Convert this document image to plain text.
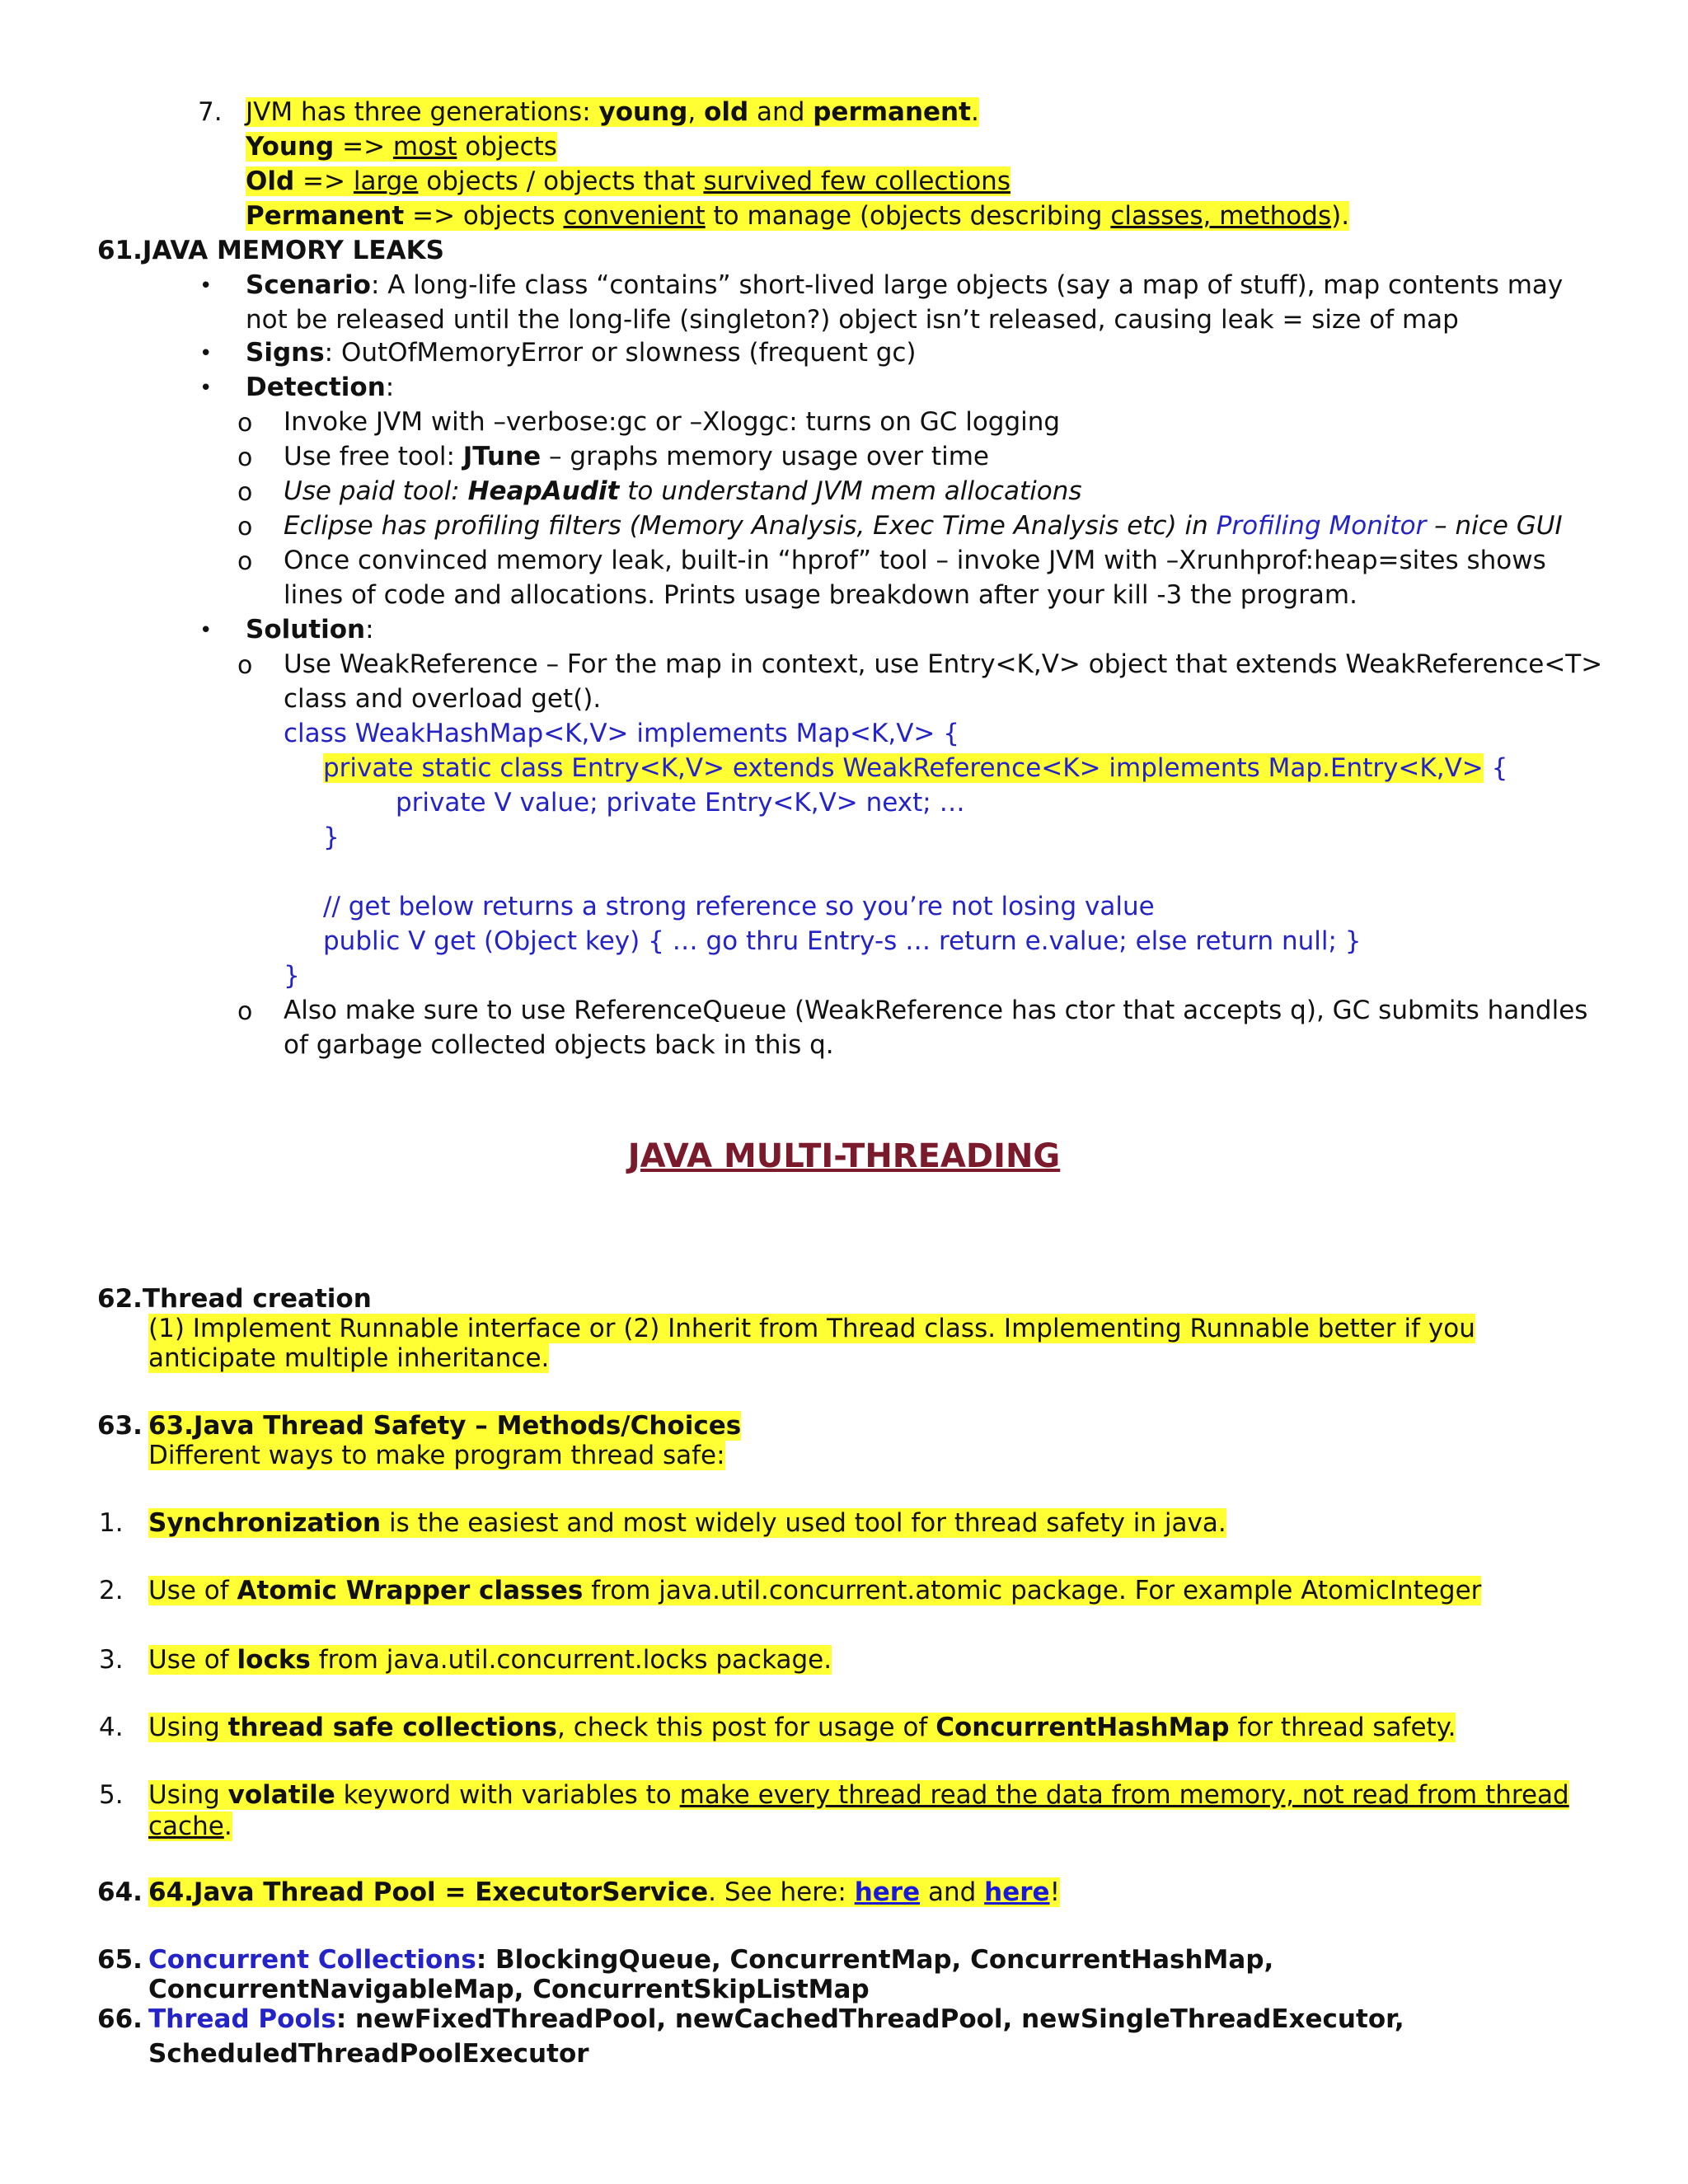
7. JVM has three generations: young, old and permanent.
Young => most objects
Old => large objects / objects that survived few collections
Permanent => objects convenient to manage (objects describing classes, methods).
61.JAVA MEMORY LEAKS
• Scenario: A long-life class “contains” short-lived large objects (say a map of stuff), map contents may
not be released until the long-life (singleton?) object isn’t released, causing leak = size of map
• Signs: OutOfMemoryError or slowness (frequent gc)
• Detection:
o Invoke JVM with –verbose:gc or –Xloggc: turns on GC logging
o Use free tool: JTune – graphs memory usage over time
o Use paid tool: HeapAudit to understand JVM mem allocations
o Eclipse has profiling filters (Memory Analysis, Exec Time Analysis etc) in Profiling Monitor – nice GUI
o Once convinced memory leak, built-in “hprof” tool – invoke JVM with –Xrunhprof:heap=sites shows
lines of code and allocations. Prints usage breakdown after your kill -3 the program.
• Solution:
o Use WeakReference – For the map in context, use Entry<K,V> object that extends WeakReference<T>
class and overload get().
class WeakHashMap<K,V> implements Map<K,V> {
private static class Entry<K,V> extends WeakReference<K> implements Map.Entry<K,V> {
private V value; private Entry<K,V> next; …
}
// get below returns a strong reference so you’re not losing value
public V get (Object key) { … go thru Entry-s … return e.value; else return null; }
}
o Also make sure to use ReferenceQueue (WeakReference has ctor that accepts q), GC submits handles
of garbage collected objects back in this q.
JAVA MULTI-THREADING
62.Thread creation
(1) Implement Runnable interface or (2) Inherit from Thread class. Implementing Runnable better if you
anticipate multiple inheritance.
63. 63.Java Thread Safety – Methods/Choices
Different ways to make program thread safe:
1. Synchronization is the easiest and most widely used tool for thread safety in java.
2. Use of Atomic Wrapper classes from java.util.concurrent.atomic package. For example AtomicInteger
3. Use of locks from java.util.concurrent.locks package.
4. Using thread safe collections, check this post for usage of ConcurrentHashMap for thread safety.
5. Using volatile keyword with variables to make every thread read the data from memory, not read from thread
cache.
64. 64.Java Thread Pool = ExecutorService. See here: here and here!
65. Concurrent Collections: BlockingQueue, ConcurrentMap, ConcurrentHashMap,
ConcurrentNavigableMap, ConcurrentSkipListMap
66. Thread Pools: newFixedThreadPool, newCachedThreadPool, newSingleThreadExecutor,
ScheduledThreadPoolExecutor
